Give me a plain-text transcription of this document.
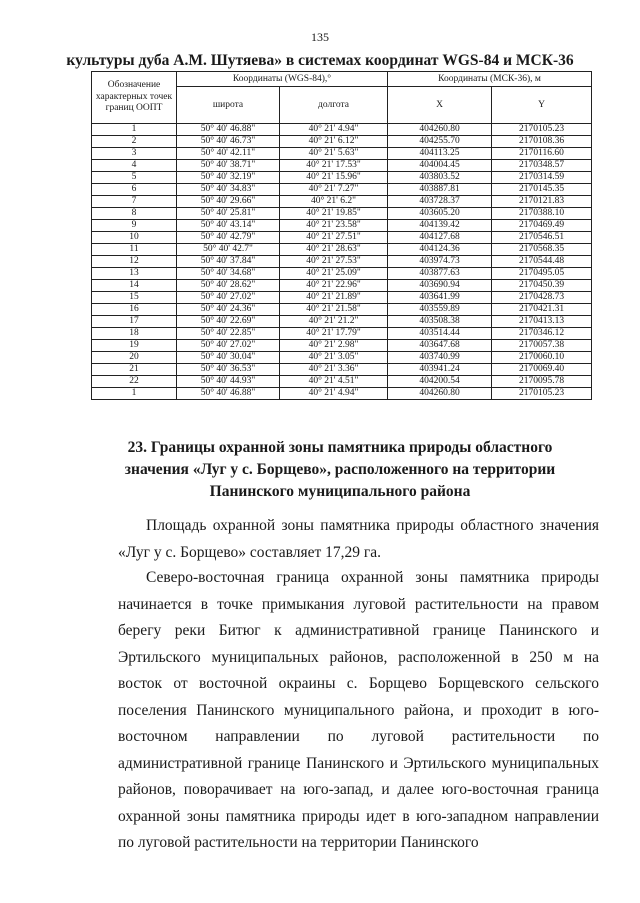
135
культуры дуба А.М. Шутяева» в системах координат WGS-84 и МСК-36
Обозначение характерных точек границ ООПТ	Координаты (WGS-84),°		Координаты (МСК-36), м	
	широта	долгота	X	Y
1	50° 40' 46.88"	40° 21' 4.94"	404260.80	2170105.23
2	50° 40' 46.73"	40° 21' 6.12"	404255.70	2170108.36
3	50° 40' 42.11"	40° 21' 5.63"	404113.25	2170116.60
4	50° 40' 38.71"	40° 21' 17.53"	404004.45	2170348.57
5	50° 40' 32.19"	40° 21' 15.96"	403803.52	2170314.59
6	50° 40' 34.83"	40° 21' 7.27"	403887.81	2170145.35
7	50° 40' 29.66"	40° 21' 6.2"	403728.37	2170121.83
8	50° 40' 25.81"	40° 21' 19.85"	403605.20	2170388.10
9	50° 40' 43.14"	40° 21' 23.58"	404139.42	2170469.49
10	50° 40' 42.79"	40° 21' 27.51"	404127.68	2170546.51
11	50° 40' 42.7"	40° 21' 28.63"	404124.36	2170568.35
12	50° 40' 37.84"	40° 21' 27.53"	403974.73	2170544.48
13	50° 40' 34.68"	40° 21' 25.09"	403877.63	2170495.05
14	50° 40' 28.62"	40° 21' 22.96"	403690.94	2170450.39
15	50° 40' 27.02"	40° 21' 21.89"	403641.99	2170428.73
16	50° 40' 24.36"	40° 21' 21.58"	403559.89	2170421.31
17	50° 40' 22.69"	40° 21' 21.2"	403508.38	2170413.13
18	50° 40' 22.85"	40° 21' 17.79"	403514.44	2170346.12
19	50° 40' 27.02"	40° 21' 2.98"	403647.68	2170057.38
20	50° 40' 30.04"	40° 21' 3.05"	403740.99	2170060.10
21	50° 40' 36.53"	40° 21' 3.36"	403941.24	2170069.40
22	50° 40' 44.93"	40° 21' 4.51"	404200.54	2170095.78
1	50° 40' 46.88"	40° 21' 4.94"	404260.80	2170105.23
23. Границы охранной зоны памятника природы областного
значения «Луг у с. Борщево», расположенного на территории
Панинского муниципального района

Площадь охранной зоны памятника природы областного значения «Луг у с. Борщево» составляет 17,29 га.

Северо-восточная граница охранной зоны памятника природы начинается в точке примыкания луговой растительности на правом берегу реки Битюг к административной границе Панинского и Эртильского муниципальных районов, расположенной в 250 м на восток от восточной окраины с. Борщево Борщевского сельского поселения Панинского муниципального района, и проходит в юго-восточном направлении по луговой растительности по административной границе Панинского и Эртильского муниципальных районов, поворачивает на юго-запад, и далее юго-восточная граница охранной зоны памятника природы идет в юго-западном направлении по луговой растительности на территории Панинского
